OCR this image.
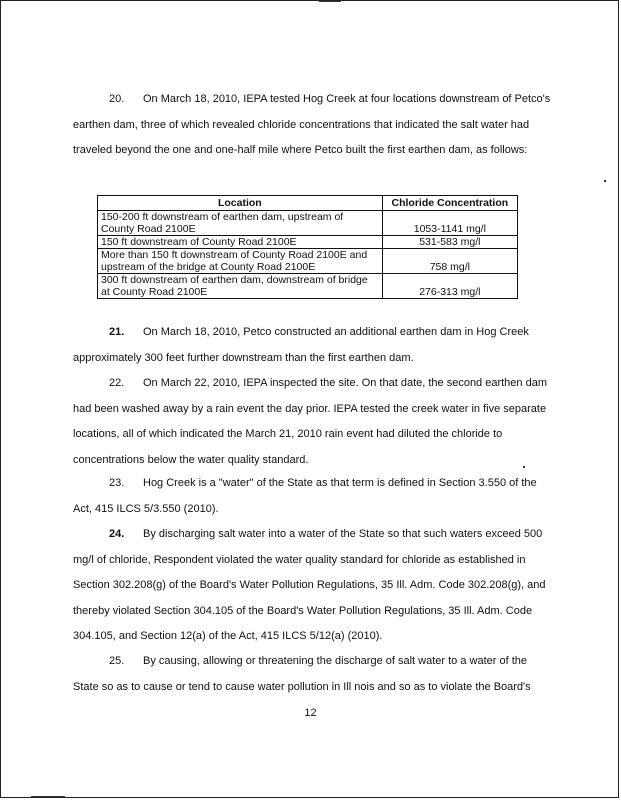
20. On March 18, 2010, IEPA tested Hog Creek at four locations downstream of Petco's earthen dam, three of which revealed chloride concentrations that indicated the salt water had traveled beyond the one and one-half mile where Petco built the first earthen dam, as follows:
Location	Chloride Concentration
150-200 ft downstream of earthen dam, upstream of County Road 2100E	1053-1141 mg/l
150 ft downstream of County Road 2100E	531-583 mg/l
More than 150 ft downstream of County Road 2100E and upstream of the bridge at County Road 2100E	758 mg/l
300 ft downstream of earthen dam, downstream of bridge at County Road 2100E	276-313 mg/l
21. On March 18, 2010, Petco constructed an additional earthen dam in Hog Creek approximately 300 feet further downstream than the first earthen dam.
22. On March 22, 2010, IEPA inspected the site. On that date, the second earthen dam had been washed away by a rain event the day prior. IEPA tested the creek water in five separate locations, all of which indicated the March 21, 2010 rain event had diluted the chloride to concentrations below the water quality standard.
23. Hog Creek is a "water" of the State as that term is defined in Section 3.550 of the Act, 415 ILCS 5/3.550 (2010).
24. By discharging salt water into a water of the State so that such waters exceed 500 mg/l of chloride, Respondent violated the water quality standard for chloride as established in Section 302.208(g) of the Board's Water Pollution Regulations, 35 Ill. Adm. Code 302.208(g), and thereby violated Section 304.105 of the Board's Water Pollution Regulations, 35 Ill. Adm. Code 304.105, and Section 12(a) of the Act, 415 ILCS 5/12(a) (2010).
25. By causing, allowing or threatening the discharge of salt water to a water of the State so as to cause or tend to cause water pollution in Ill nois and so as to violate the Board's
12
